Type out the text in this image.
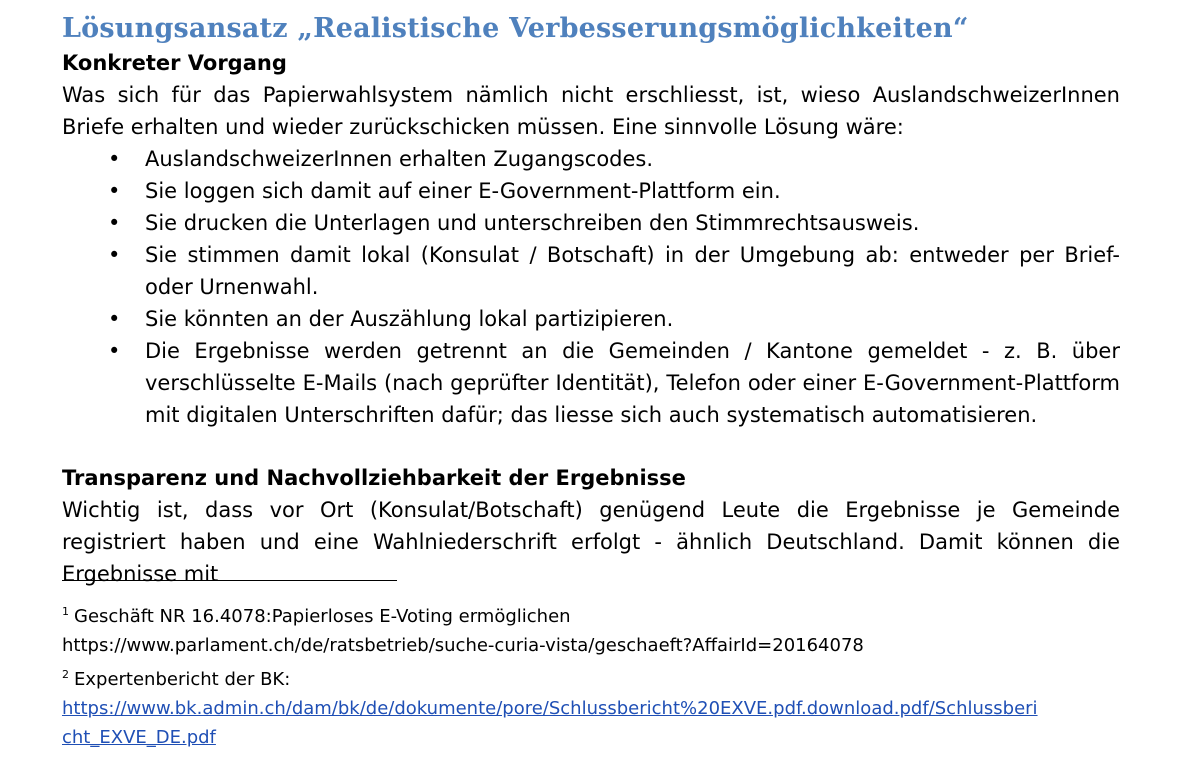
Lösungsansatz „Realistische Verbesserungsmöglichkeiten“

Konkreter Vorgang

Was sich für das Papierwahlsystem nämlich nicht erschliesst, ist, wieso AuslandschweizerInnen Briefe erhalten und wieder zurückschicken müssen. Eine sinnvolle Lösung wäre:

• AuslandschweizerInnen erhalten Zugangscodes.
• Sie loggen sich damit auf einer E-Government-Plattform ein.
• Sie drucken die Unterlagen und unterschreiben den Stimmrechtsausweis.
• Sie stimmen damit lokal (Konsulat / Botschaft) in der Umgebung ab: entweder per Brief- oder Urnenwahl.
• Sie könnten an der Auszählung lokal partizipieren.
• Die Ergebnisse werden getrennt an die Gemeinden / Kantone gemeldet - z. B. über verschlüsselte E-Mails (nach geprüfter Identität), Telefon oder einer E-Government-Plattform mit digitalen Unterschriften dafür; das liesse sich auch systematisch automatisieren.

Transparenz und Nachvollziehbarkeit der Ergebnisse

Wichtig ist, dass vor Ort (Konsulat/Botschaft) genügend Leute die Ergebnisse je Gemeinde registriert haben und eine Wahlniederschrift erfolgt - ähnlich Deutschland. Damit können die Ergebnisse mit

$^1$ Geschäft NR 16.4078:Papierloses E-Voting ermöglichen

https://www.parlament.ch/de/ratsbetrieb/suche-curia-vista/geschaeft?AffairId=20164078

$^2$ Expertenbericht der BK:

https://www.bk.admin.ch/dam/bk/de/dokumente/pore/Schlussbericht%20EXVE.pdf.download.pdf/Schlussberi

cht_EXVE_DE.pdf
